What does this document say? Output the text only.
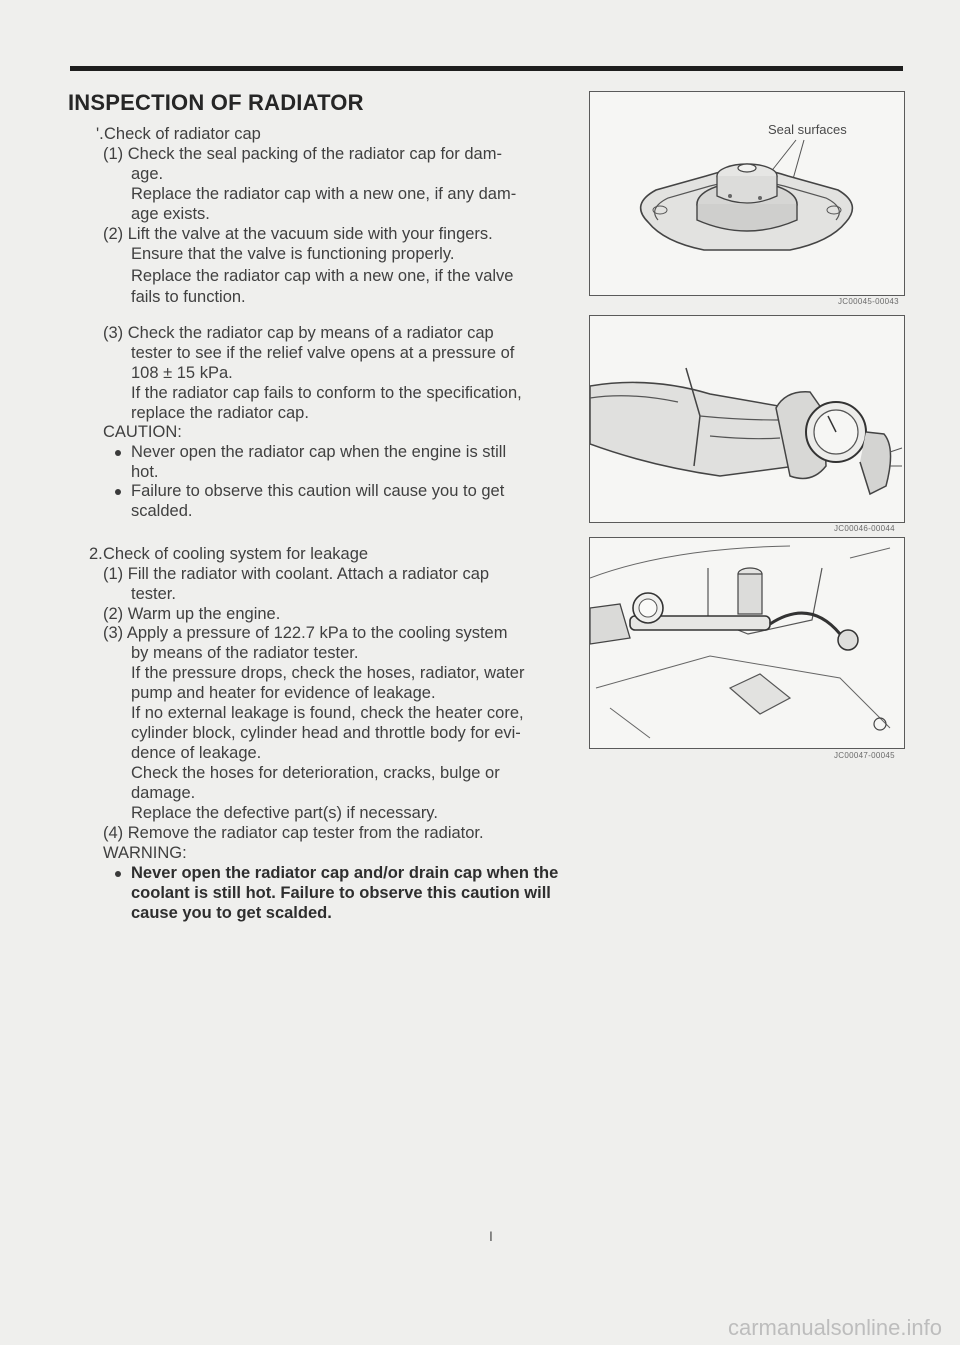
INSPECTION OF RADIATOR
'. Check of radiator cap
(1) Check the seal packing of the radiator cap for dam-
age.
Replace the radiator cap with a new one, if any dam-
age exists.
(2) Lift the valve at the vacuum side with your fingers.
Ensure that the valve is functioning properly.
Replace the radiator cap with a new one, if the valve
fails to function.
(3) Check the radiator cap by means of a radiator cap
tester to see if the relief valve opens at a pressure of
108 ± 15 kPa.
If the radiator cap fails to conform to the specification,
replace the radiator cap.
CAUTION:
Never open the radiator cap when the engine is still
hot.
Failure to observe this caution will cause you to get
scalded.
2. Check of cooling system for leakage
(1) Fill the radiator with coolant. Attach a radiator cap
tester.
(2) Warm up the engine.
(3) Apply a pressure of 122.7 kPa to the cooling system
by means of the radiator tester.
If the pressure drops, check the hoses, radiator, water
pump and heater for evidence of leakage.
If no external leakage is found, check the heater core,
cylinder block, cylinder head and throttle body for evi-
dence of leakage.
Check the hoses for deterioration, cracks, bulge or
damage.
Replace the defective part(s) if necessary.
(4) Remove the radiator cap tester from the radiator.
WARNING:
Never open the radiator cap and/or drain cap when the
coolant is still hot. Failure to observe this caution will
cause you to get scalded.
Seal surfaces
JC00045-00043
JC00046-00044
JC00047-00045
I
carmanualsonline.info
